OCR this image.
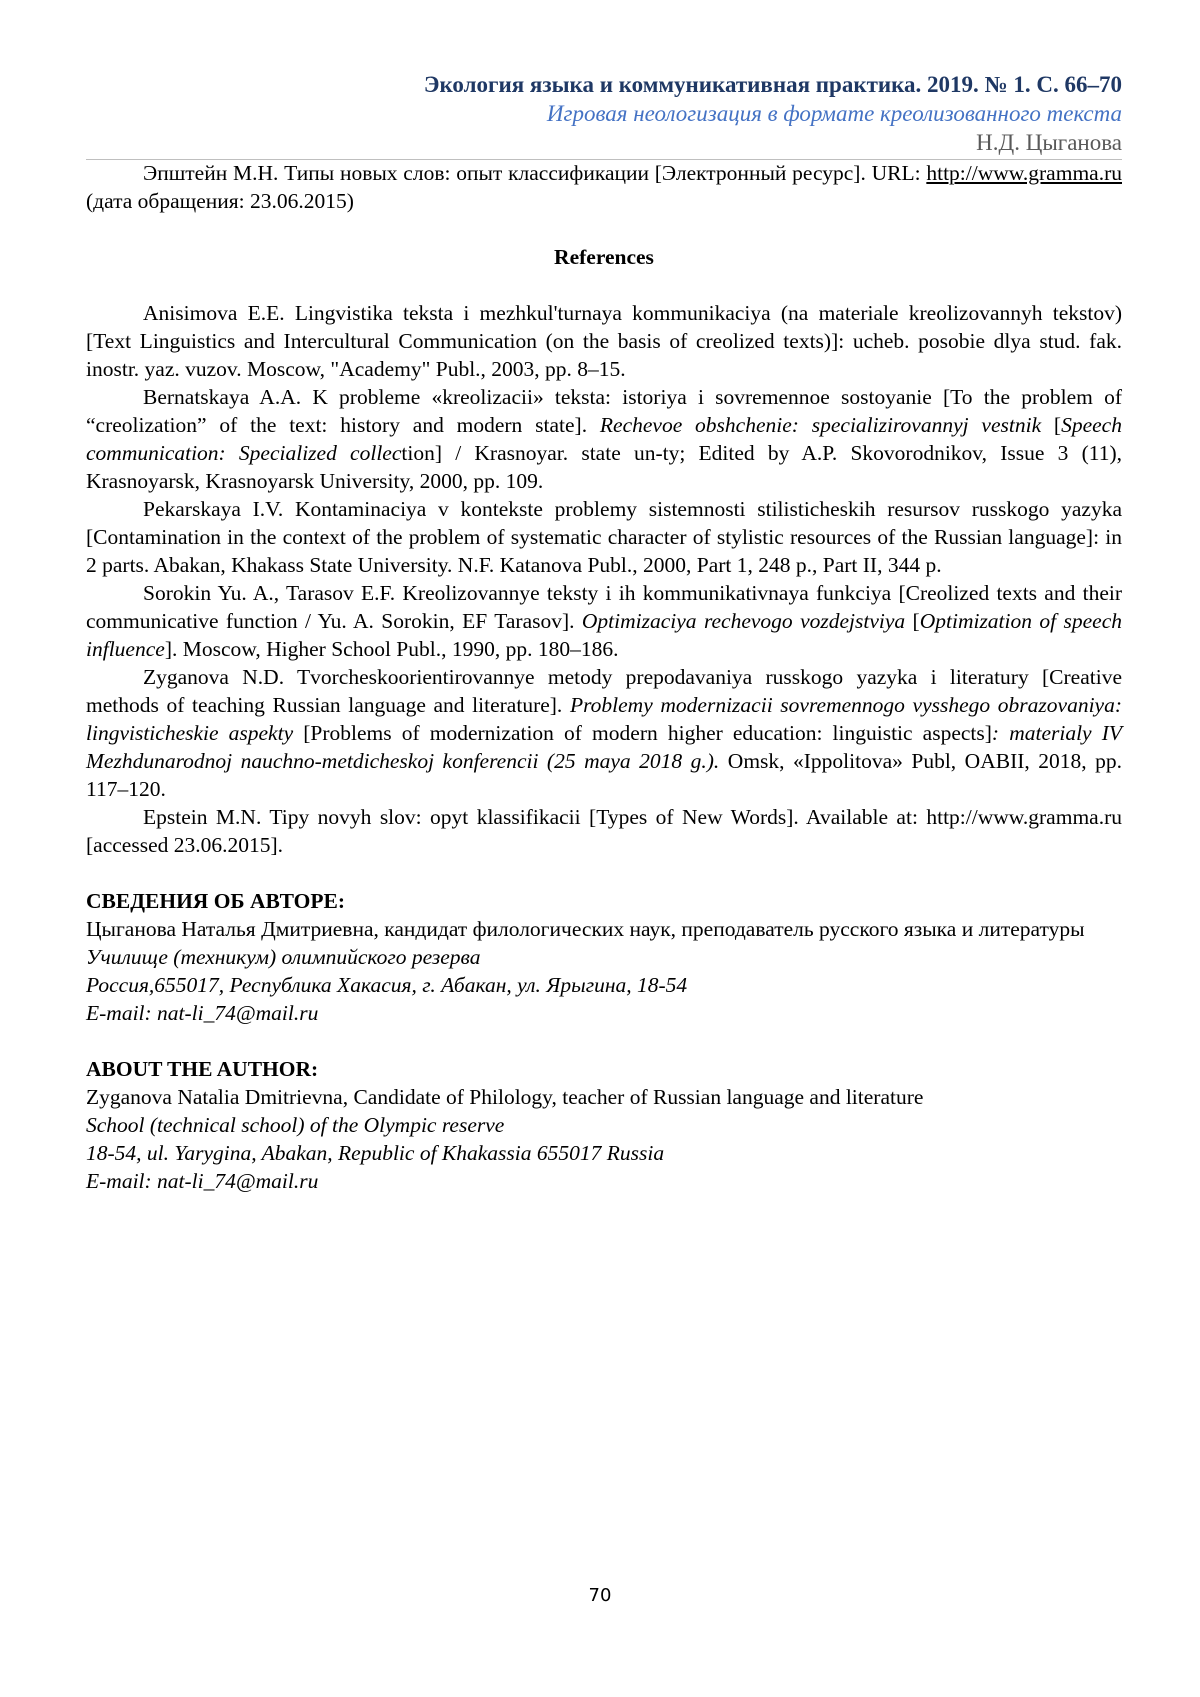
Экология языка и коммуникативная практика. 2019. № 1. С. 66–70
Игровая неологизация в формате креолизованного текста
Н.Д. Цыганова

Эпштейн М.Н. Типы новых слов: опыт классификации [Электронный ресурс]. URL: http://www.gramma.ru (дата обращения: 23.06.2015)

References

Anisimova E.E. Lingvistika teksta i mezhkul'turnaya kommunikaciya (na materiale kreolizovannyh tekstov) [Text Linguistics and Intercultural Communication (on the basis of creolized texts)]: ucheb. posobie dlya stud. fak. inostr. yaz. vuzov. Moscow, "Academy" Publ., 2003, pp. 8–15.

Bernatskaya A.A. K probleme «kreolizacii» teksta: istoriya i sovremennoe sostoyanie [To the problem of “creolization” of the text: history and modern state]. Rechevoe obshchenie: specializirovannyj vestnik [Speech communication: Specialized collection] / Krasnoyar. state un-ty; Edited by A.P. Skovorodnikov, Issue 3 (11), Krasnoyarsk, Krasnoyarsk University, 2000, pp. 109.

Pekarskaya I.V. Kontaminaciya v kontekste problemy sistemnosti stilisticheskih resursov russkogo yazyka [Contamination in the context of the problem of systematic character of stylistic resources of the Russian language]: in 2 parts. Abakan, Khakass State University. N.F. Katanova Publ., 2000, Part 1, 248 p., Part II, 344 p.

Sorokin Yu. A., Tarasov E.F. Kreolizovannye teksty i ih kommunikativnaya funkciya [Creolized texts and their communicative function / Yu. A. Sorokin, EF Tarasov]. Optimizaciya rechevogo vozdejstviya [Optimization of speech influence]. Moscow, Higher School Publ., 1990, pp. 180–186.

Zyganova N.D. Tvorcheskoorientirovannye metody prepodavaniya russkogo yazyka i literatury [Creative methods of teaching Russian language and literature]. Problemy modernizacii sovremennogo vysshego obrazovaniya: lingvisticheskie aspekty [Problems of modernization of modern higher education: linguistic aspects]: materialy IV Mezhdunarodnoj nauchno-metdicheskoj konferencii (25 maya 2018 g.). Omsk, «Ippolitova» Publ, OABII, 2018, pp. 117–120.

Epstein M.N. Tipy novyh slov: opyt klassifikacii [Types of New Words]. Available at: http://www.gramma.ru [accessed 23.06.2015].

СВЕДЕНИЯ ОБ АВТОРЕ:

Цыганова Наталья Дмитриевна, кандидат филологических наук, преподаватель русского языка и литературы

Училище (техникум) олимпийского резерва

Россия,655017, Республика Хакасия, г. Абакан, ул. Ярыгина, 18-54

E-mail: nat-li_74@mail.ru

ABOUT THE AUTHOR:

Zyganova Natalia Dmitrievna, Candidate of Philology, teacher of Russian language and literature

School (technical school) of the Olympic reserve

18-54, ul. Yarygina, Abakan, Republic of Khakassia 655017 Russia

E-mail: nat-li_74@mail.ru

70
